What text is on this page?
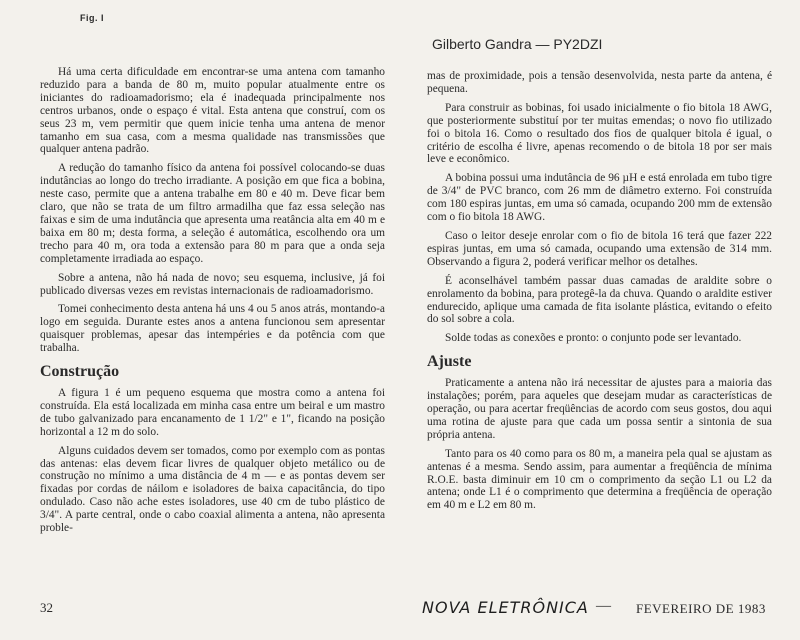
Fig. I
Gilberto Gandra — PY2DZI

Há uma certa dificuldade em encontrar-se uma antena com tamanho reduzido para a banda de 80 m, muito popular atualmente entre os iniciantes do radioamadorismo; ela é inadequada principalmente nos centros urbanos, onde o espaço é vital. Esta antena que construí, com os seus 23 m, vem permitir que quem inicie tenha uma antena de menor tamanho em sua casa, com a mesma qualidade nas transmissões que qualquer antena padrão.

A redução do tamanho físico da antena foi possível colocando-se duas indutâncias ao longo do trecho irradiante. A posição em que fica a bobina, neste caso, permite que a antena trabalhe em 80 e 40 m. Deve ficar bem claro, que não se trata de um filtro armadilha que faz essa seleção nas faixas e sim de uma indutância que apresenta uma reatância alta em 40 m e baixa em 80 m; desta forma, a seleção é automática, escolhendo ora um trecho para 40 m, ora toda a extensão para 80 m para que a onda seja completamente irradiada ao espaço.

Sobre a antena, não há nada de novo; seu esquema, inclusive, já foi publicado diversas vezes em revistas internacionais de radioamadorismo.

Tomei conhecimento desta antena há uns 4 ou 5 anos atrás, montando-a logo em seguida. Durante estes anos a antena funcionou sem apresentar quaisquer problemas, apesar das intempéries e da potência com que trabalha.

Construção

A figura 1 é um pequeno esquema que mostra como a antena foi construída. Ela está localizada em minha casa entre um beiral e um mastro de tubo galvanizado para encanamento de 1 1/2" e 1", ficando na posição horizontal a 12 m do solo.

Alguns cuidados devem ser tomados, como por exemplo com as pontas das antenas: elas devem ficar livres de qualquer objeto metálico ou de construção no mínimo a uma distância de 4 m — e as pontas devem ser fixadas por cordas de náilom e isoladores de baixa capacitância, do tipo ondulado. Caso não ache estes isoladores, use 40 cm de tubo plástico de 3/4". A parte central, onde o cabo coaxial alimenta a antena, não apresenta proble-

mas de proximidade, pois a tensão desenvolvida, nesta parte da antena, é pequena.

Para construir as bobinas, foi usado inicialmente o fio bitola 18 AWG, que posteriormente substituí por ter muitas emendas; o novo fio utilizado foi o bitola 16. Como o resultado dos fios de qualquer bitola é igual, o critério de escolha é livre, apenas recomendo o de bitola 18 por ser mais leve e econômico.

A bobina possui uma indutância de 96 µH e está enrolada em tubo tigre de 3/4" de PVC branco, com 26 mm de diâmetro externo. Foi construída com 180 espiras juntas, em uma só camada, ocupando 200 mm de extensão com o fio bitola 18 AWG.

Caso o leitor deseje enrolar com o fio de bitola 16 terá que fazer 222 espiras juntas, em uma só camada, ocupando uma extensão de 314 mm. Observando a figura 2, poderá verificar melhor os detalhes.

É aconselhável também passar duas camadas de araldite sobre o enrolamento da bobina, para protegê-la da chuva. Quando o araldite estiver endurecido, aplique uma camada de fita isolante plástica, evitando o efeito do sol sobre a cola.

Solde todas as conexões e pronto: o conjunto pode ser levantado.

Ajuste

Praticamente a antena não irá necessitar de ajustes para a maioria das instalações; porém, para aqueles que desejam mudar as características de operação, ou para acertar freqüências de acordo com seus gostos, dou aqui uma rotina de ajuste para que cada um possa sentir a sintonia de sua própria antena.

Tanto para os 40 como para os 80 m, a maneira pela qual se ajustam as antenas é a mesma. Sendo assim, para aumentar a freqüência de mínima R.O.E. basta diminuir em 10 cm o comprimento da seção L1 ou L2 da antena; onde L1 é o comprimento que determina a freqüência de operação em 40 m e L2 em 80 m.

32	NOVA ELETRÔNICA — FEVEREIRO DE 1983
